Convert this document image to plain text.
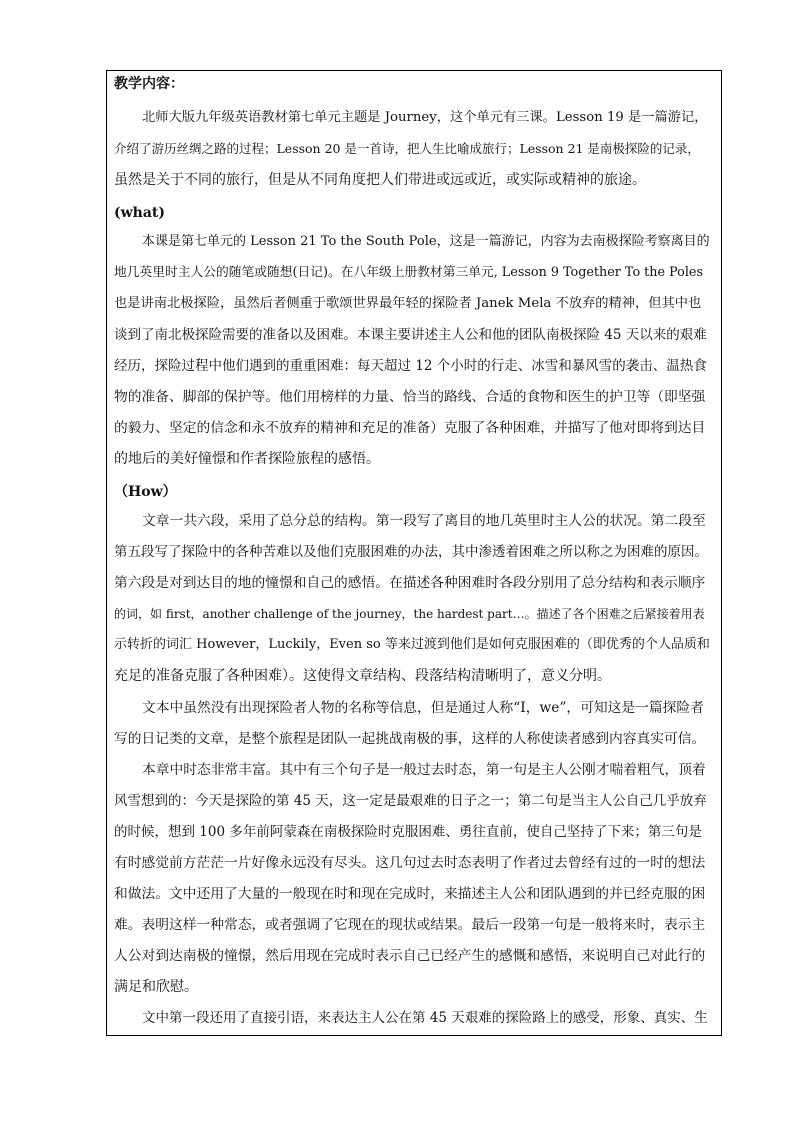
教学内容：
北师大版九年级英语教材第七单元主题是 Journey，这个单元有三课。Lesson 19 是一篇游记，
介绍了游历丝绸之路的过程；Lesson 20 是一首诗，把人生比喻成旅行；Lesson 21 是南极探险的记录，
虽然是关于不同的旅行，但是从不同角度把人们带进或远或近，或实际或精神的旅途。
(what)
本课是第七单元的 Lesson 21 To the South Pole，这是一篇游记，内容为去南极探险考察离目的
地几英里时主人公的随笔或随想(日记)。在八年级上册教材第三单元, Lesson 9 Together To the Poles
也是讲南北极探险，虽然后者侧重于歌颂世界最年轻的探险者 Janek Mela 不放弃的精神，但其中也
谈到了南北极探险需要的准备以及困难。本课主要讲述主人公和他的团队南极探险 45 天以来的艰难
经历，探险过程中他们遇到的重重困难：每天超过 12 个小时的行走、冰雪和暴风雪的袭击、温热食
物的准备、脚部的保护等。他们用榜样的力量、恰当的路线、合适的食物和医生的护卫等（即坚强
的毅力、坚定的信念和永不放弃的精神和充足的准备）克服了各种困难，并描写了他对即将到达目
的地后的美好憧憬和作者探险旅程的感悟。
（How）
文章一共六段，采用了总分总的结构。第一段写了离目的地几英里时主人公的状况。第二段至
第五段写了探险中的各种苦难以及他们克服困难的办法，其中渗透着困难之所以称之为困难的原因。
第六段是对到达目的地的憧憬和自己的感悟。在描述各种困难时各段分别用了总分结构和表示顺序
的词，如 first，another challenge of the journey，the hardest part…。描述了各个困难之后紧接着用表
示转折的词汇 However，Luckily，Even so 等来过渡到他们是如何克服困难的（即优秀的个人品质和
充足的准备克服了各种困难）。这使得文章结构、段落结构清晰明了，意义分明。
文本中虽然没有出现探险者人物的名称等信息，但是通过人称“I，we”，可知这是一篇探险者
写的日记类的文章，是整个旅程是团队一起挑战南极的事，这样的人称使读者感到内容真实可信。
本章中时态非常丰富。其中有三个句子是一般过去时态，第一句是主人公刚才喘着粗气，顶着
风雪想到的：今天是探险的第 45 天，这一定是最艰难的日子之一；第二句是当主人公自己几乎放弃
的时候，想到 100 多年前阿蒙森在南极探险时克服困难、勇往直前，使自己坚持了下来；第三句是
有时感觉前方茫茫一片好像永远没有尽头。这几句过去时态表明了作者过去曾经有过的一时的想法
和做法。文中还用了大量的一般现在时和现在完成时，来描述主人公和团队遇到的并已经克服的困
难。表明这样一种常态，或者强调了它现在的现状或结果。最后一段第一句是一般将来时，表示主
人公对到达南极的憧憬，然后用现在完成时表示自己已经产生的感慨和感悟，来说明自己对此行的
满足和欣慰。
文中第一段还用了直接引语，来表达主人公在第 45 天艰难的探险路上的感受，形象、真实、生
